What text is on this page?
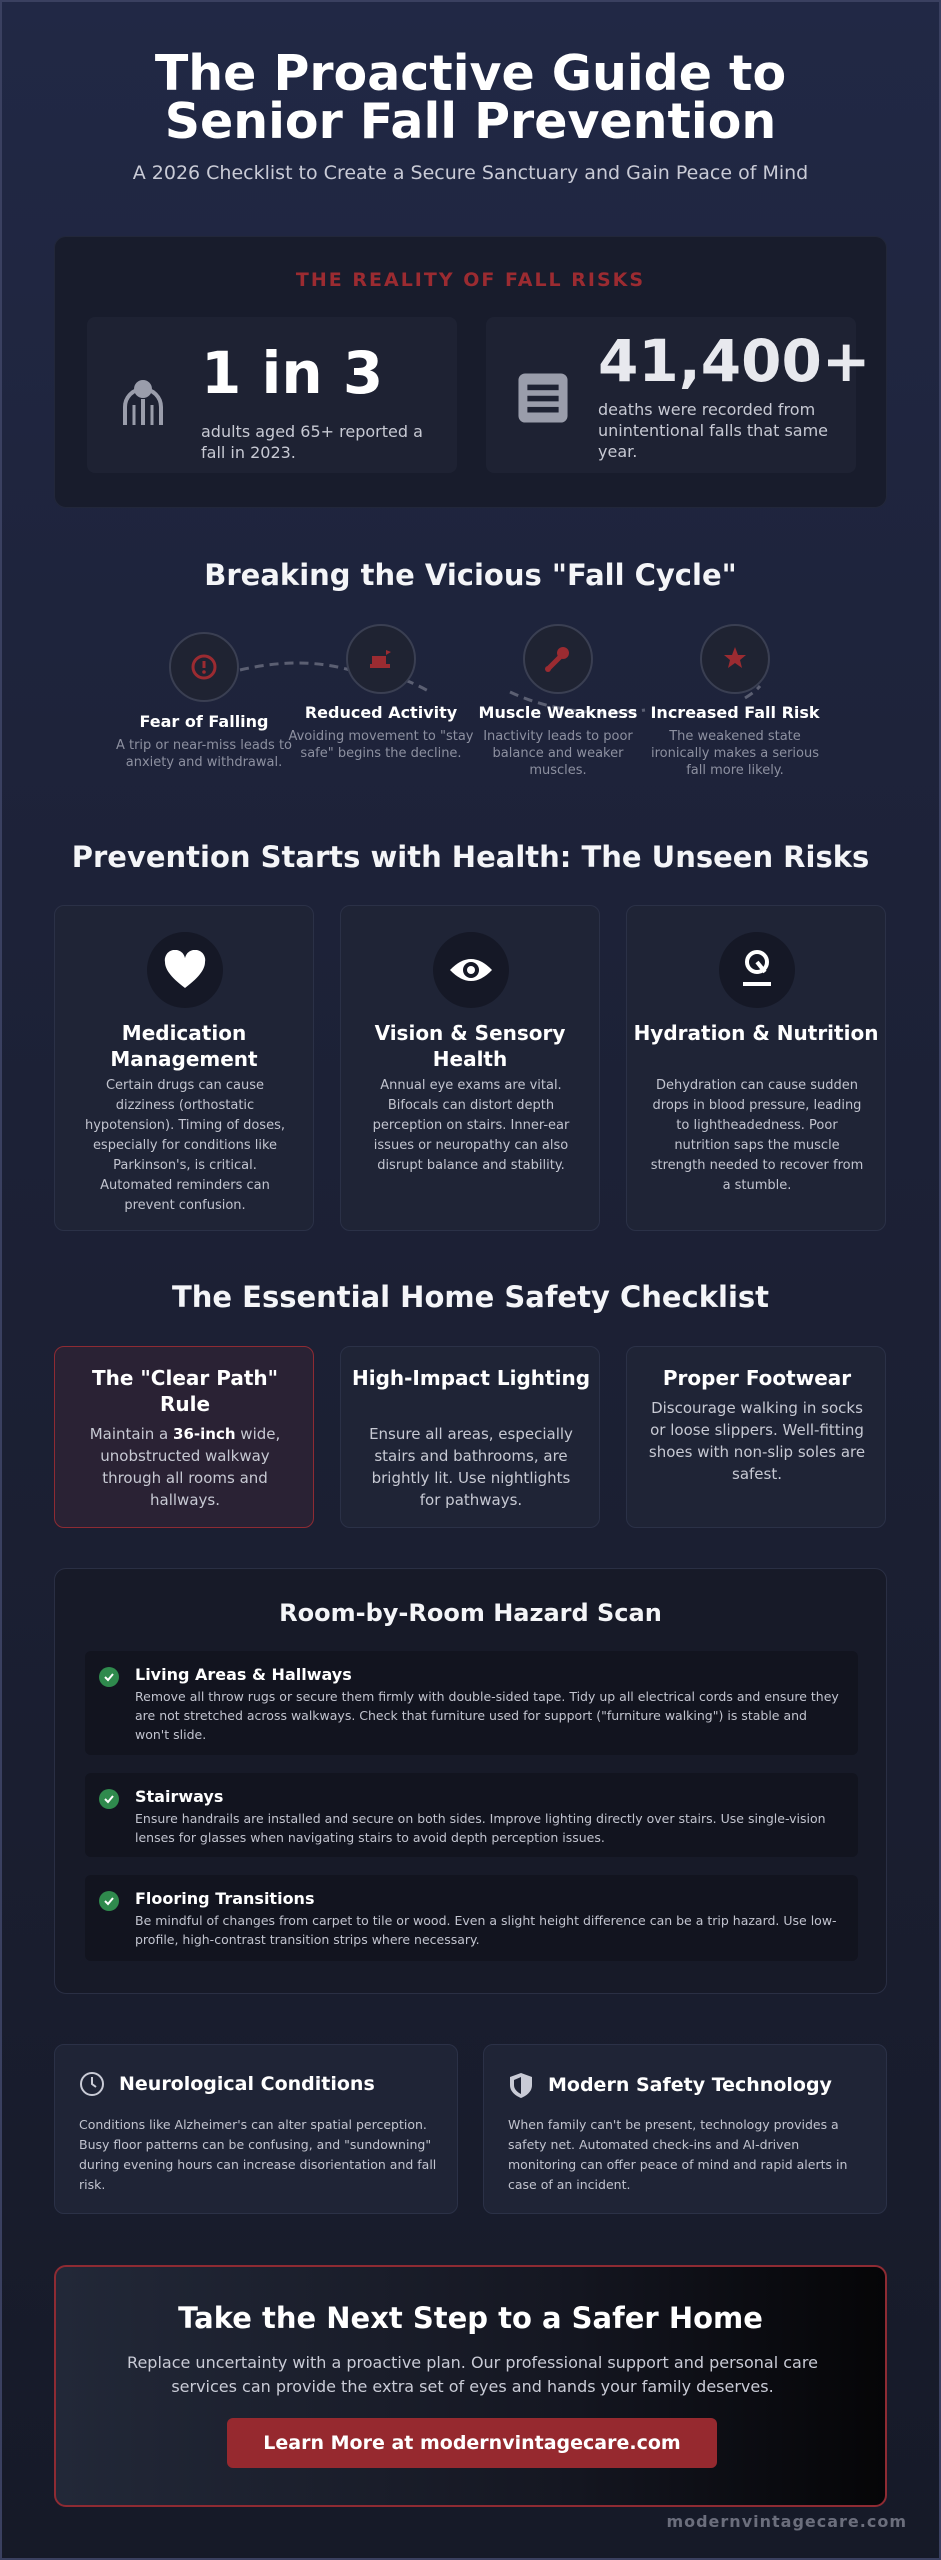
The Proactive Guide to Senior Fall Prevention
A 2026 Checklist to Create a Secure Sanctuary and Gain Peace of Mind
THE REALITY OF FALL RISKS
1 in 3
adults aged 65+ reported a fall in 2023.
41,400+
deaths were recorded from unintentional falls that same year.
Breaking the Vicious "Fall Cycle"
Fear of Falling
A trip or near-miss leads to anxiety and withdrawal.
Reduced Activity
Avoiding movement to "stay safe" begins the decline.
Muscle Weakness
Inactivity leads to poor balance and weaker muscles.
Increased Fall Risk
The weakened state ironically makes a serious fall more likely.
Prevention Starts with Health: The Unseen Risks
Medication Management
Certain drugs can cause dizziness (orthostatic hypotension). Timing of doses, especially for conditions like Parkinson's, is critical. Automated reminders can prevent confusion.
Vision & Sensory Health
Annual eye exams are vital. Bifocals can distort depth perception on stairs. Inner-ear issues or neuropathy can also disrupt balance and stability.
Hydration & Nutrition
Dehydration can cause sudden drops in blood pressure, leading to lightheadedness. Poor nutrition saps the muscle strength needed to recover from a stumble.
The Essential Home Safety Checklist
The "Clear Path" Rule
Maintain a 36-inch wide, unobstructed walkway through all rooms and hallways.
High-Impact Lighting
Ensure all areas, especially stairs and bathrooms, are brightly lit. Use nightlights for pathways.
Proper Footwear
Discourage walking in socks or loose slippers. Well-fitting shoes with non-slip soles are safest.
Room-by-Room Hazard Scan
Living Areas & Hallways
Remove all throw rugs or secure them firmly with double-sided tape. Tidy up all electrical cords and ensure they are not stretched across walkways. Check that furniture used for support ("furniture walking") is stable and won't slide.
Stairways
Ensure handrails are installed and secure on both sides. Improve lighting directly over stairs. Use single-vision lenses for glasses when navigating stairs to avoid depth perception issues.
Flooring Transitions
Be mindful of changes from carpet to tile or wood. Even a slight height difference can be a trip hazard. Use low-profile, high-contrast transition strips where necessary.
Neurological Conditions
Conditions like Alzheimer's can alter spatial perception. Busy floor patterns can be confusing, and "sundowning" during evening hours can increase disorientation and fall risk.
Modern Safety Technology
When family can't be present, technology provides a safety net. Automated check-ins and AI-driven monitoring can offer peace of mind and rapid alerts in case of an incident.
Take the Next Step to a Safer Home
Replace uncertainty with a proactive plan. Our professional support and personal care services can provide the extra set of eyes and hands your family deserves.
Learn More at modernvintagecare.com
modernvintagecare.com
